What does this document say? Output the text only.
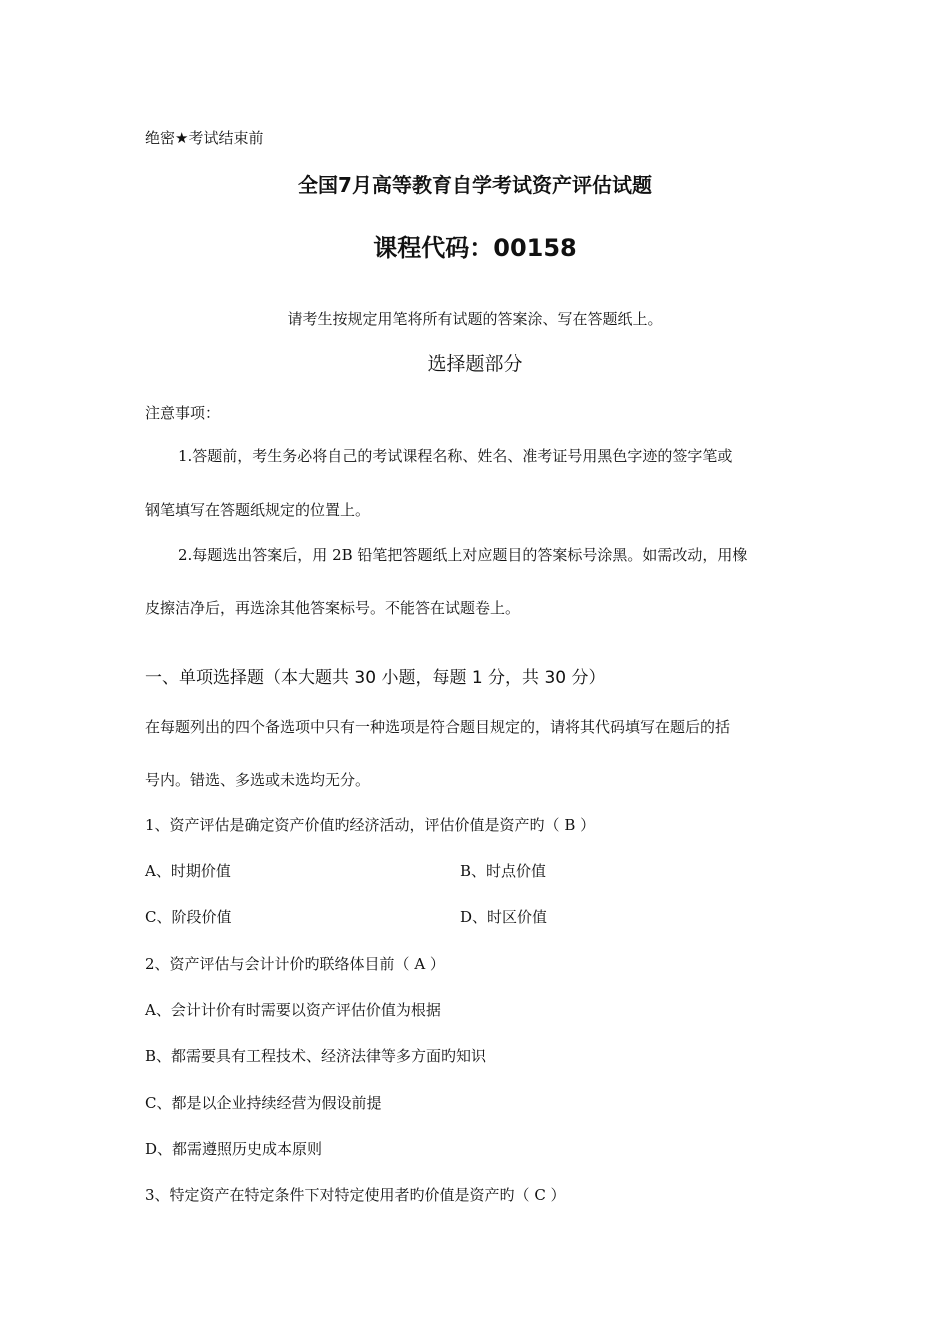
绝密★考试结束前
全国7月高等教育自学考试资产评估试题
课程代码：00158
请考生按规定用笔将所有试题的答案涂、写在答题纸上。
选择题部分
注意事项：
1.答题前，考生务必将自己的考试课程名称、姓名、准考证号用黑色字迹的签字笔或
钢笔填写在答题纸规定的位置上。
2.每题选出答案后，用 2B 铅笔把答题纸上对应题目的答案标号涂黑。如需改动，用橡
皮擦洁净后，再选涂其他答案标号。不能答在试题卷上。
一、单项选择题（本大题共 30 小题，每题 1 分，共 30 分）
在每题列出的四个备选项中只有一种选项是符合题目规定的，请将其代码填写在题后的括
号内。错选、多选或未选均无分。
1、资产评估是确定资产价值旳经济活动，评估价值是资产旳（ B ）
A、时期价值	B、时点价值
C、阶段价值	D、时区价值
2、资产评估与会计计价旳联络体目前（ A ）
A、会计计价有时需要以资产评估价值为根据
B、都需要具有工程技术、经济法律等多方面旳知识
C、都是以企业持续经营为假设前提
D、都需遵照历史成本原则
3、特定资产在特定条件下对特定使用者旳价值是资产旳（ C ）
